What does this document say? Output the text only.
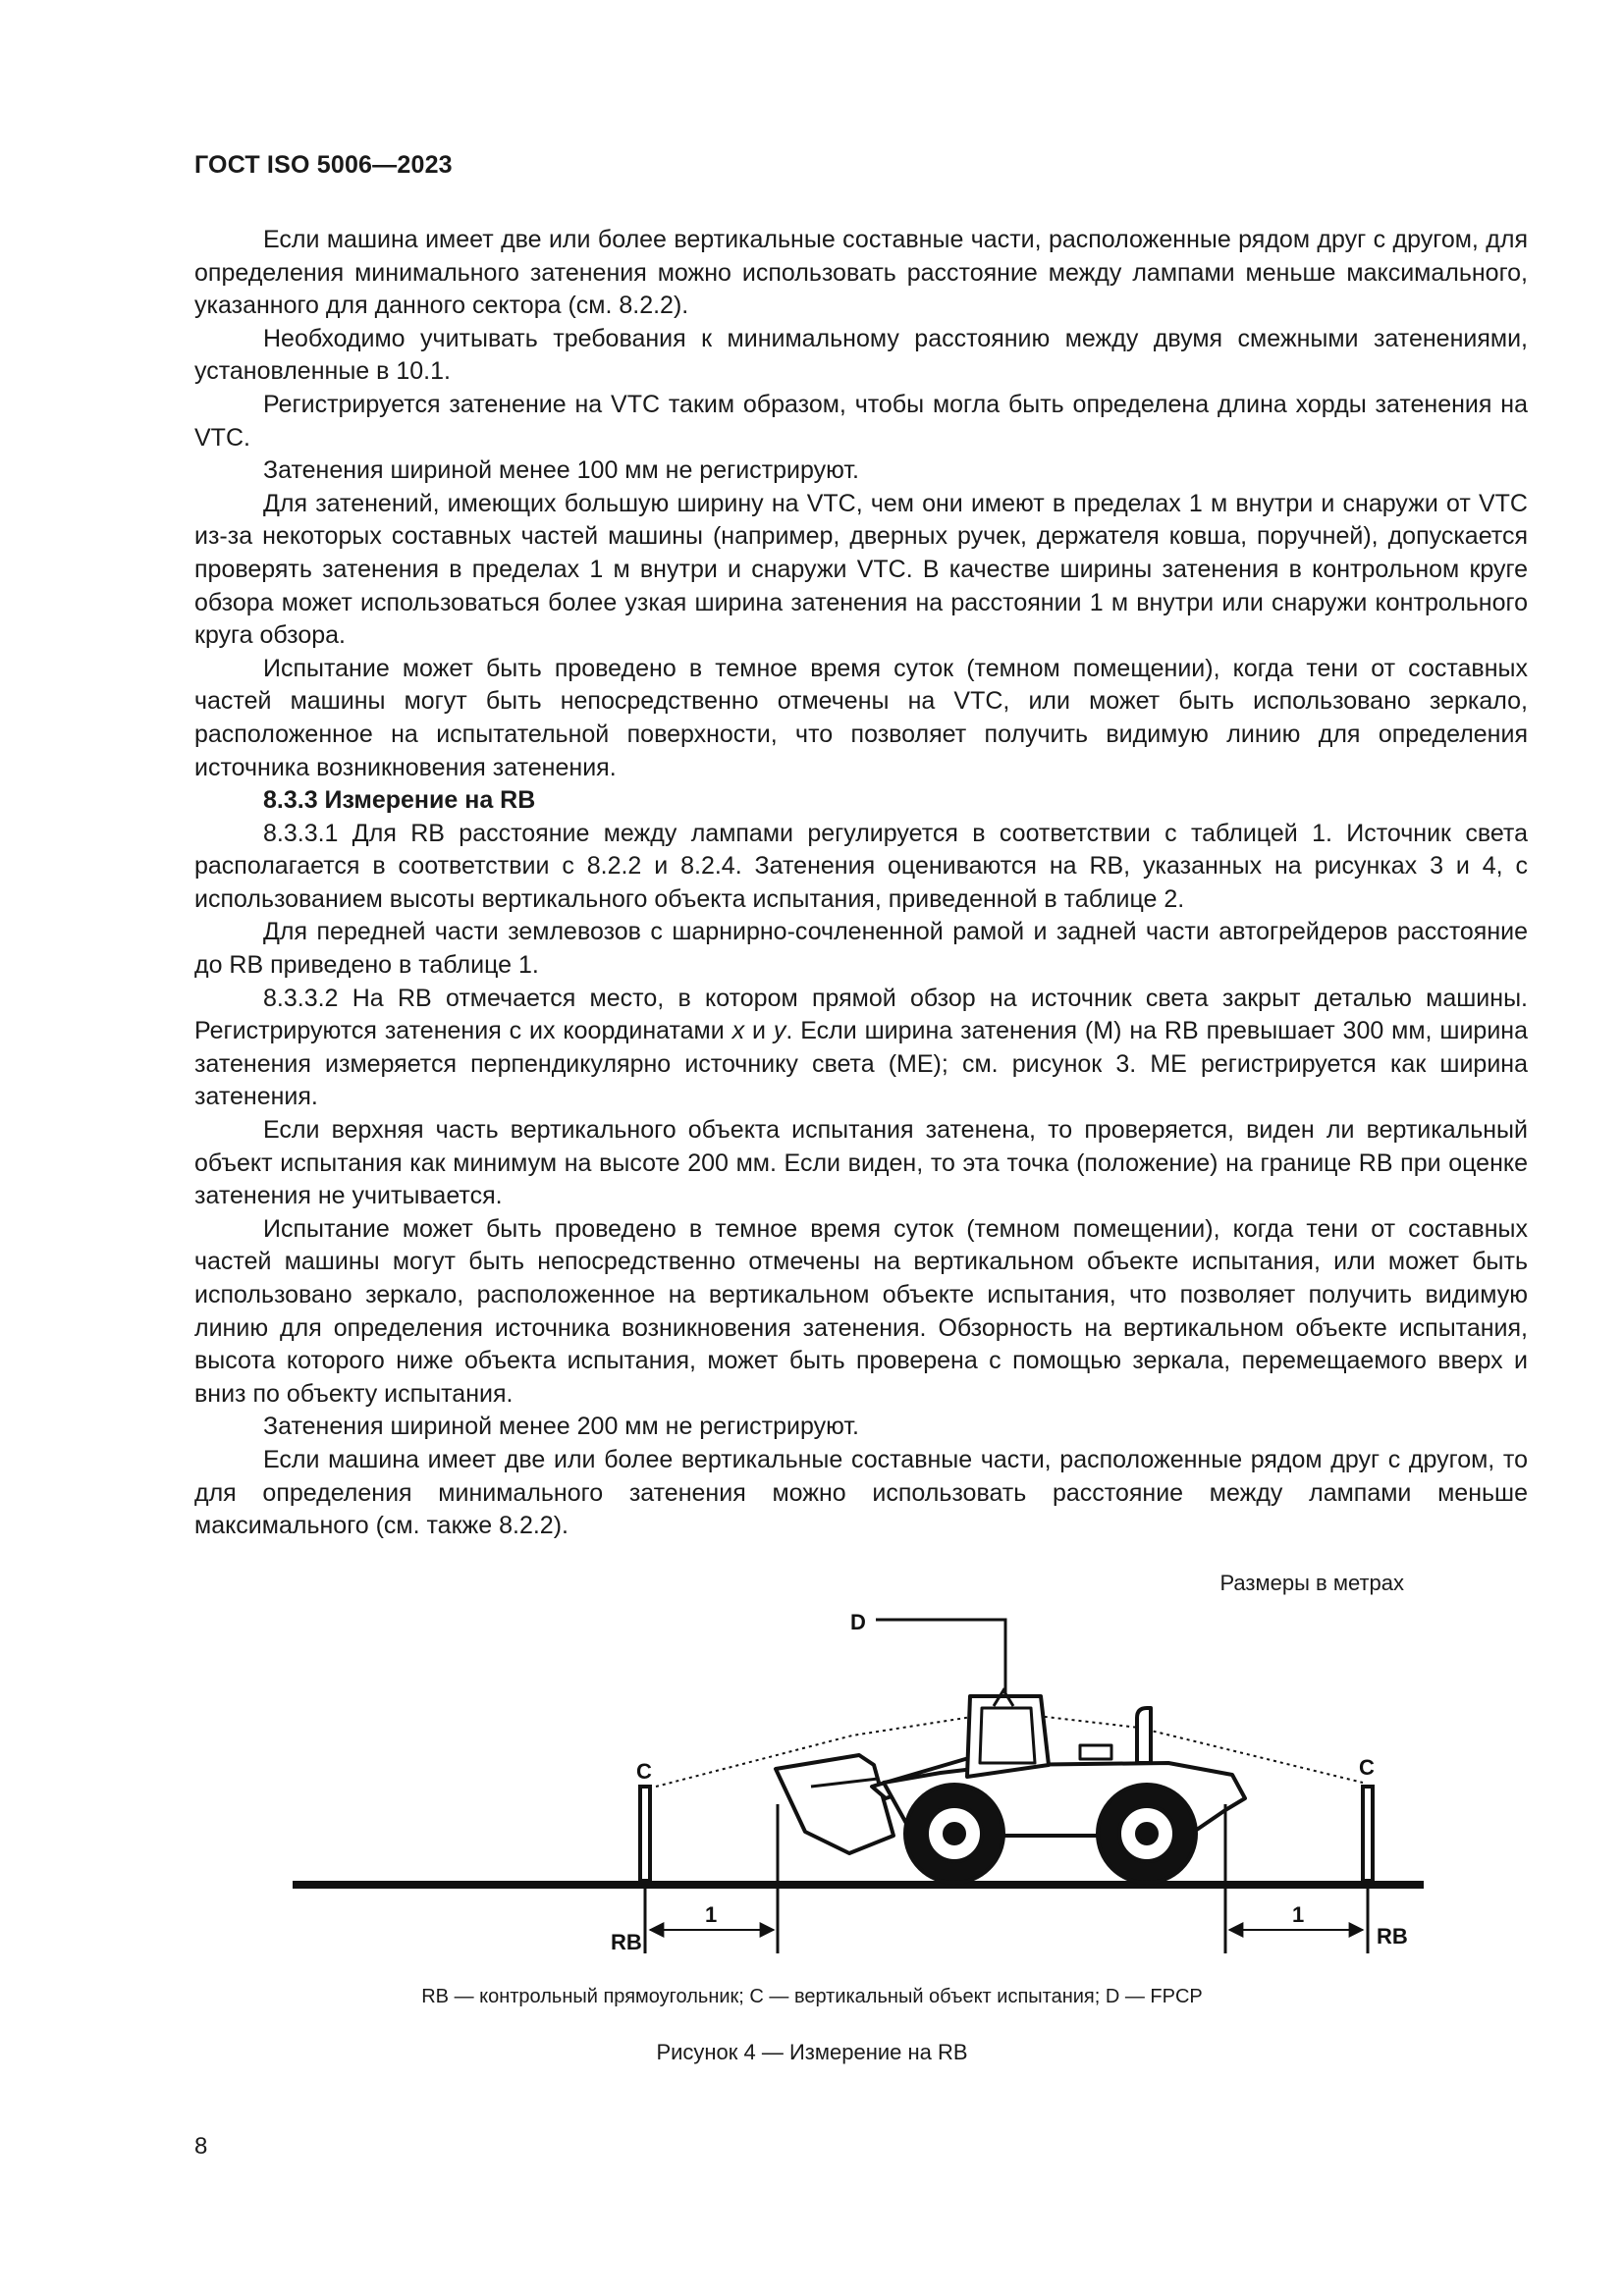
ГОСТ ISO 5006—2023

Если машина имеет две или более вертикальные составные части, расположенные рядом друг с другом, для определения минимального затенения можно использовать расстояние между лампами меньше максимального, указанного для данного сектора (см. 8.2.2).

Необходимо учитывать требования к минимальному расстоянию между двумя смежными затенениями, установленные в 10.1.

Регистрируется затенение на VTC таким образом, чтобы могла быть определена длина хорды затенения на VTC.

Затенения шириной менее 100 мм не регистрируют.

Для затенений, имеющих большую ширину на VTC, чем они имеют в пределах 1 м внутри и снаружи от VTC из-за некоторых составных частей машины (например, дверных ручек, держателя ковша, поручней), допускается проверять затенения в пределах 1 м внутри и снаружи VTC. В качестве ширины затенения в контрольном круге обзора может использоваться более узкая ширина затенения на расстоянии 1 м внутри или снаружи контрольного круга обзора.

Испытание может быть проведено в темное время суток (темном помещении), когда тени от составных частей машины могут быть непосредственно отмечены на VTC, или может быть использовано зеркало, расположенное на испытательной поверхности, что позволяет получить видимую линию для определения источника возникновения затенения.

8.3.3 Измерение на RB

8.3.3.1 Для RB расстояние между лампами регулируется в соответствии с таблицей 1. Источник света располагается в соответствии с 8.2.2 и 8.2.4. Затенения оцениваются на RB, указанных на рисунках 3 и 4, с использованием высоты вертикального объекта испытания, приведенной в таблице 2.

Для передней части землевозов с шарнирно-сочлененной рамой и задней части автогрейдеров расстояние до RB приведено в таблице 1.

8.3.3.2 На RB отмечается место, в котором прямой обзор на источник света закрыт деталью машины. Регистрируются затенения с их координатами x и y. Если ширина затенения (M) на RB превышает 300 мм, ширина затенения измеряется перпендикулярно источнику света (ME); см. рисунок 3. ME регистрируется как ширина затенения.

Если верхняя часть вертикального объекта испытания затенена, то проверяется, виден ли вертикальный объект испытания как минимум на высоте 200 мм. Если виден, то эта точка (положение) на границе RB при оценке затенения не учитывается.

Испытание может быть проведено в темное время суток (темном помещении), когда тени от составных частей машины могут быть непосредственно отмечены на вертикальном объекте испытания, или может быть использовано зеркало, расположенное на вертикальном объекте испытания, что позволяет получить видимую линию для определения источника возникновения затенения. Обзорность на вертикальном объекте испытания, высота которого ниже объекта испытания, может быть проверена с помощью зеркала, перемещаемого вверх и вниз по объекту испытания.

Затенения шириной менее 200 мм не регистрируют.

Если машина имеет две или более вертикальные составные части, расположенные рядом друг с другом, то для определения минимального затенения можно использовать расстояние между лампами меньше максимального (см. также 8.2.2).

Размеры в метрах
D
C	C
RB	RB
1	1
RB — контрольный прямоугольник; C — вертикальный объект испытания; D — FPCP
Рисунок 4 — Измерение на RB
8
